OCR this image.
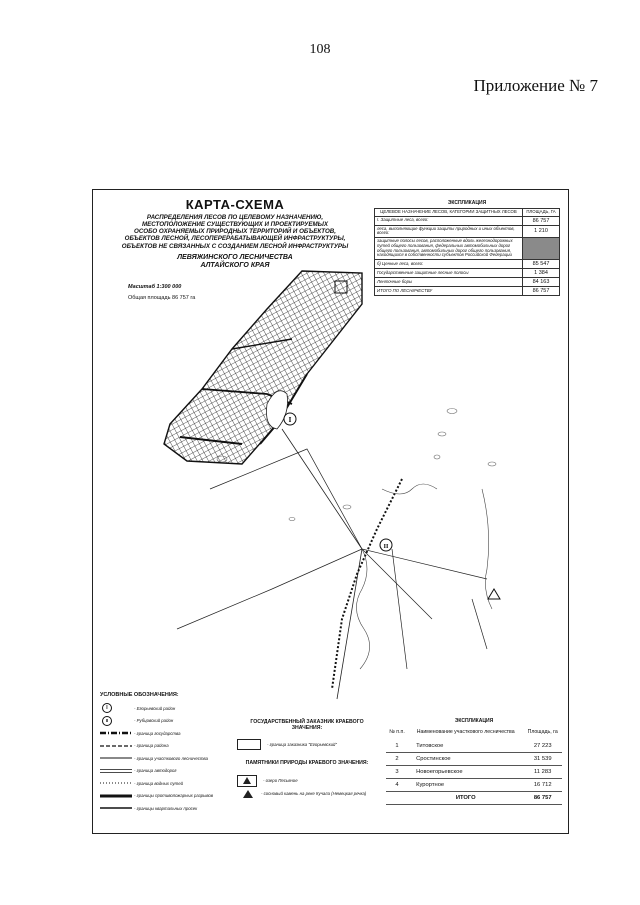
108
Приложение № 7
I
II
КАРТА-СХЕМА
РАСПРЕДЕЛЕНИЯ ЛЕСОВ ПО ЦЕЛЕВОМУ НАЗНАЧЕНИЮ,
МЕСТОПОЛОЖЕНИЕ СУЩЕСТВУЮЩИХ И ПРОЕКТИРУЕМЫХ
ОСОБО ОХРАНЯЕМЫХ ПРИРОДНЫХ ТЕРРИТОРИЙ И ОБЪЕКТОВ,
ОБЪЕКТОВ ЛЕСНОЙ, ЛЕСОПЕРЕРАБАТЫВАЮЩЕЙ ИНФРАСТРУКТУРЫ,
ОБЪЕКТОВ НЕ СВЯЗАННЫХ С СОЗДАНИЕМ ЛЕСНОЙ ИНФРАСТРУКТУРЫ
ЛЕВЯЖИНСКОГО ЛЕСНИЧЕСТВА
АЛТАЙСКОГО КРАЯ
Масштаб 1:300 000
Общая площадь 86 757 га
ЭКСПЛИКАЦИЯ
ЦЕЛЕВОЕ НАЗНАЧЕНИЕ ЛЕСОВ, КАТЕГОРИИ ЗАЩИТНЫХ ЛЕСОВ	ПЛОЩАДЬ, ГА
I. Защитные леса, всего:	86 757
леса, выполняющие функции защиты природных и иных объектов, всего:	1 210
защитные полосы лесов, расположенные вдоль железнодорожных путей общего пользования, федеральных автомобильных дорог общего пользования, автомобильных дорог общего пользования, находящихся в собственности субъектов Российской Федерации	
б) Ценные леса, всего:	85 547
Государственные защитные лесные полосы	1 384
Ленточные боры	84 163
ИТОГО ПО ЛЕСНИЧЕСТВУ	86 757
УСЛОВНЫЕ ОБОЗНАЧЕНИЯ:
I	- Егорьевский район
II	- Рубцовский район
- граница государства
- граница района
- граница участкового лесничества
- граница автодорог
- граница водных путей
- границы противопожарных разрывов
- границы квартальных просек
ГОСУДАРСТВЕННЫЙ ЗАКАЗНИК КРАЕВОГО ЗНАЧЕНИЯ:
- граница заказника "Егорьевский"
ПАМЯТНИКИ ПРИРОДЫ КРАЕВОГО ЗНАЧЕНИЯ:
- озеро Песьяное
- сосновый камень на реке Кучала (Немецкая речка)
ЭКСПЛИКАЦИЯ
№ п.п.	Наименование участкового лесничества	Площадь, га
1	Титовское	27 223
2	Сростинское	31 539
3	Новоегорьевское	11 283
4	Курортное	16 712
	ИТОГО	86 757
